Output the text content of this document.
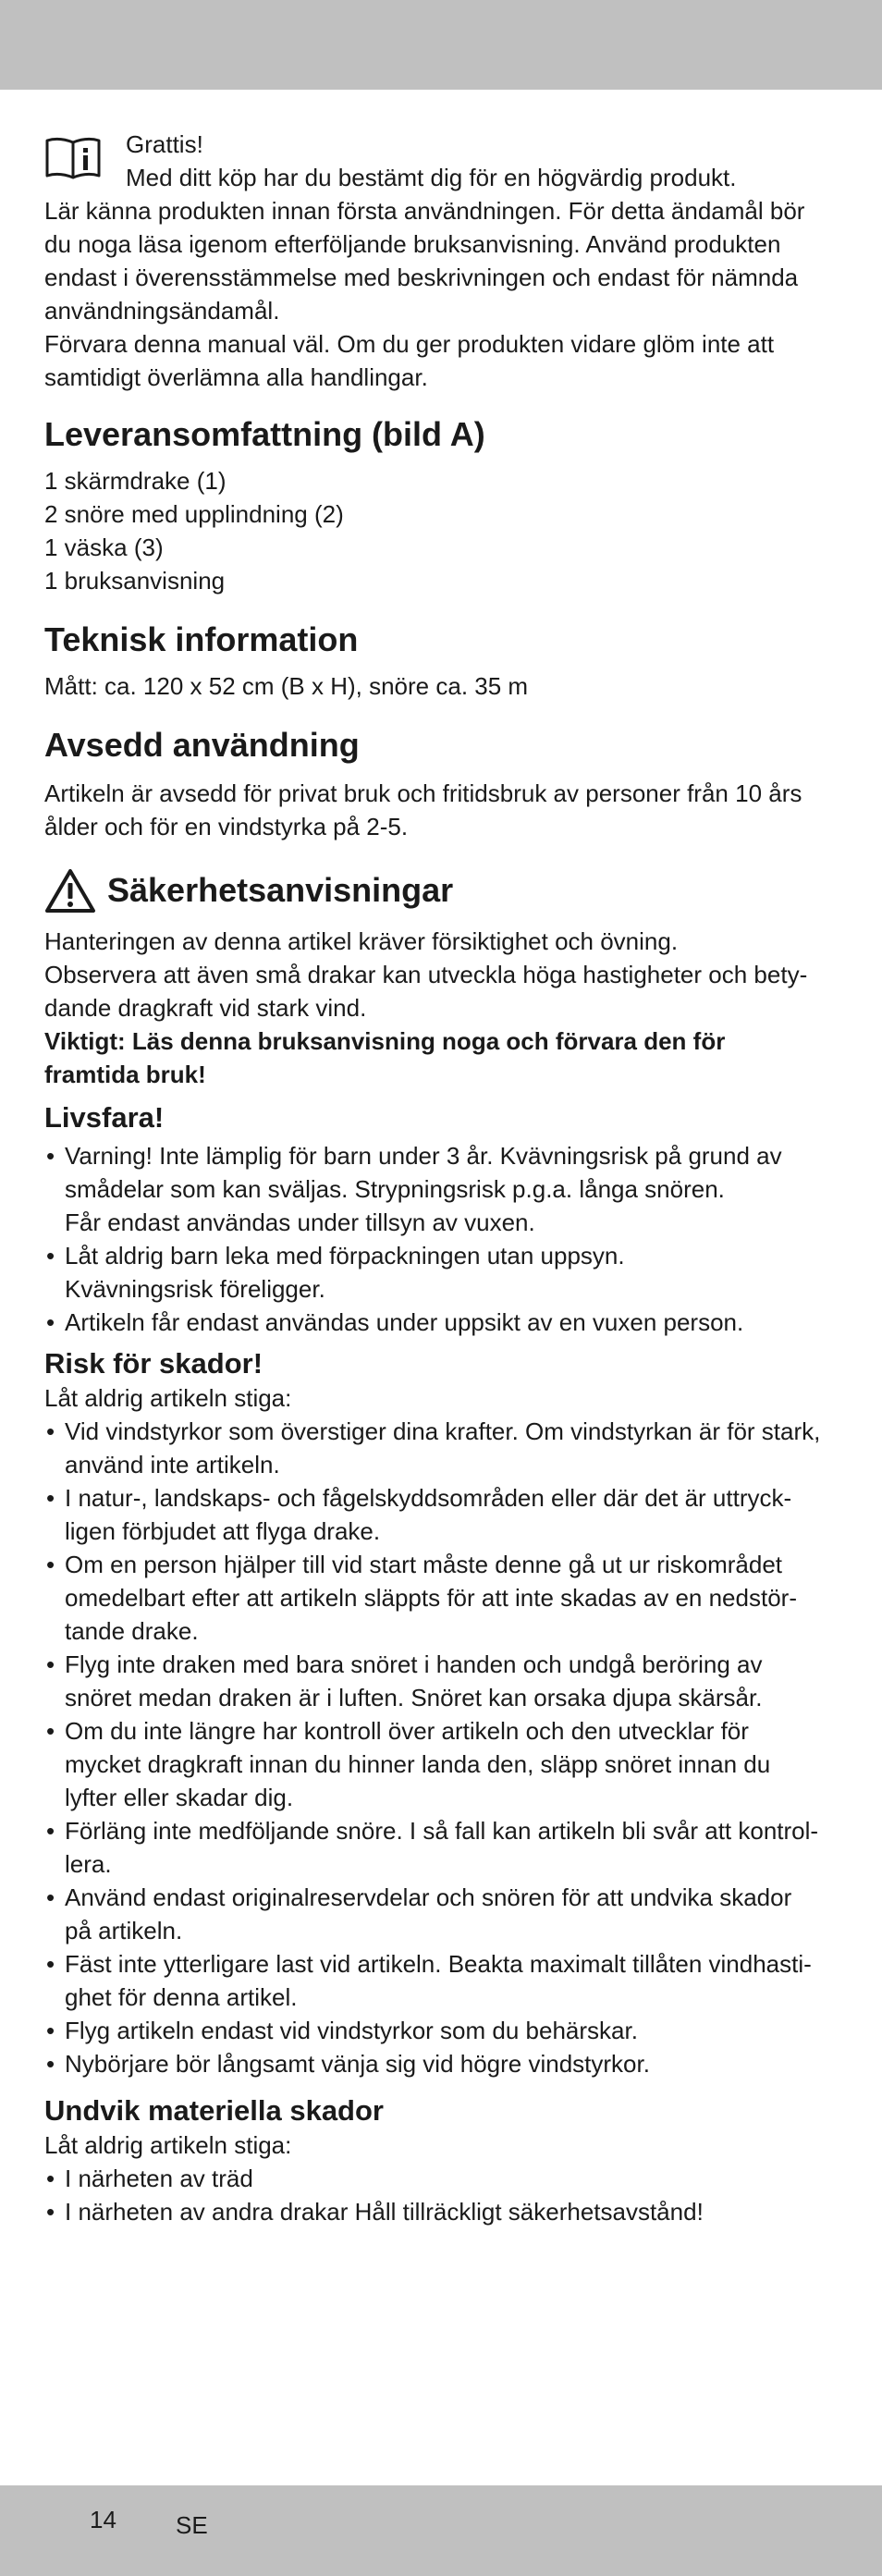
Grattis!
Med ditt köp har du bestämt dig för en högvärdig produkt.
Lär känna produkten innan första användningen. För detta ändamål bör
du noga läsa igenom efterföljande bruksanvisning. Använd produkten
endast i överensstämmelse med beskrivningen och endast för nämnda
användningsändamål.
Förvara denna manual väl. Om du ger produkten vidare glöm inte att
samtidigt överlämna alla handlingar.
Leveransomfattning (bild A)
1 skärmdrake (1)
2 snöre med upplindning (2)
1 väska (3)
1 bruksanvisning
Teknisk information
Mått: ca. 120 x 52 cm (B x H), snöre ca. 35 m
Avsedd användning
Artikeln är avsedd för privat bruk och fritidsbruk av personer från 10 års
ålder och för en vindstyrka på 2-5.
Säkerhetsanvisningar
Hanteringen av denna artikel kräver försiktighet och övning.
Observera att även små drakar kan utveckla höga hastigheter och bety-
dande dragkraft vid stark vind.
Viktigt: Läs denna bruksanvisning noga och förvara den för
framtida bruk!
Livsfara!
• Varning! Inte lämplig för barn under 3 år. Kvävningsrisk på grund av
smådelar som kan sväljas. Strypningsrisk p.g.a. långa snören.
Får endast användas under tillsyn av vuxen.
• Låt aldrig barn leka med förpackningen utan uppsyn.
Kvävningsrisk föreligger.
• Artikeln får endast användas under uppsikt av en vuxen person.
Risk för skador!
Låt aldrig artikeln stiga:
• Vid vindstyrkor som överstiger dina krafter. Om vindstyrkan är för stark,
använd inte artikeln.
• I natur-, landskaps- och fågelskyddsområden eller där det är uttryck-
ligen förbjudet att flyga drake.
• Om en person hjälper till vid start måste denne gå ut ur riskområdet
omedelbart efter att artikeln släppts för att inte skadas av en nedstör-
tande drake.
• Flyg inte draken med bara snöret i handen och undgå beröring av
snöret medan draken är i luften. Snöret kan orsaka djupa skärsår.
• Om du inte längre har kontroll över artikeln och den utvecklar för
mycket dragkraft innan du hinner landa den, släpp snöret innan du
lyfter eller skadar dig.
• Förläng inte medföljande snöre. I så fall kan artikeln bli svår att kontrol-
lera.
• Använd endast originalreservdelar och snören för att undvika skador
på artikeln.
• Fäst inte ytterligare last vid artikeln. Beakta maximalt tillåten vindhasti-
ghet för denna artikel.
• Flyg artikeln endast vid vindstyrkor som du behärskar.
• Nybörjare bör långsamt vänja sig vid högre vindstyrkor.
Undvik materiella skador
Låt aldrig artikeln stiga:
• I närheten av träd
• I närheten av andra drakar Håll tillräckligt säkerhetsavstånd!
14 SE
